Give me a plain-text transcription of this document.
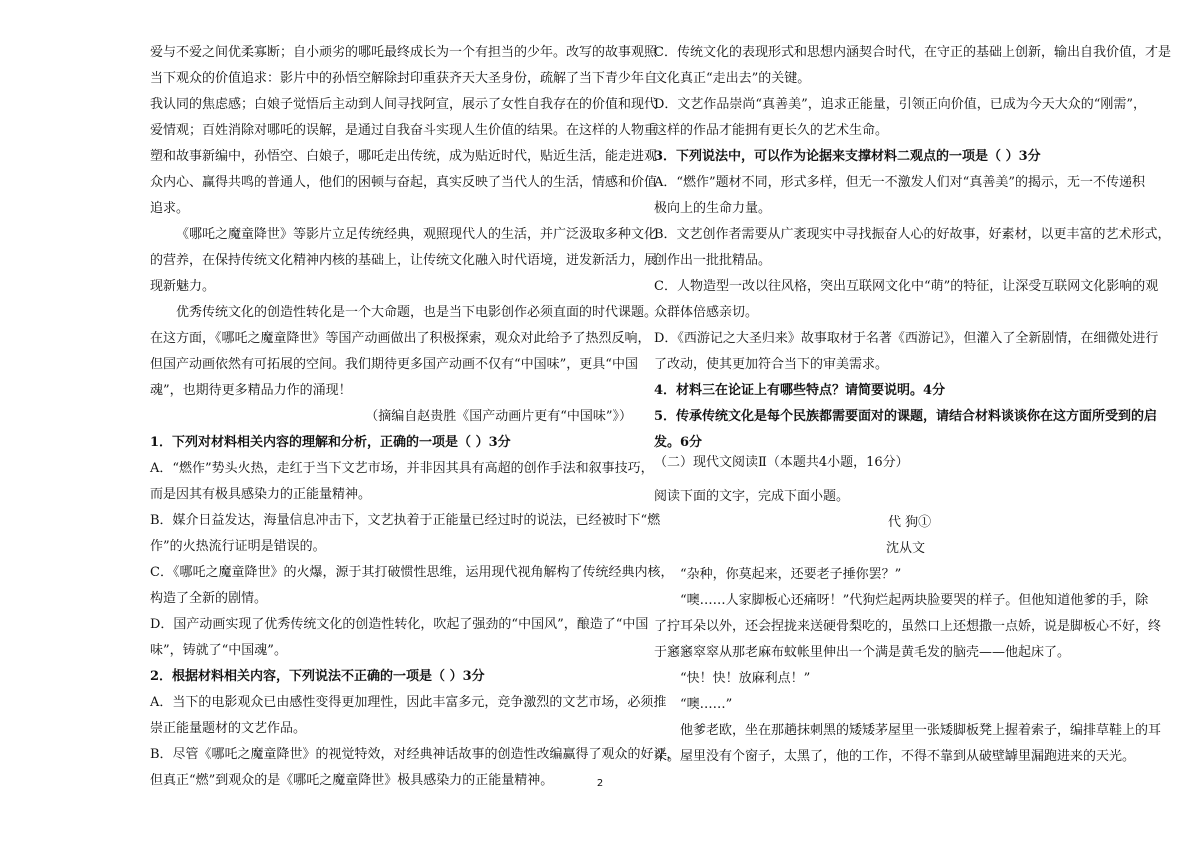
爱与不爱之间优柔寡断；自小顽劣的哪吒最终成长为一个有担当的少年。改写的故事观照
当下观众的价值追求：影片中的孙悟空解除封印重获齐天大圣身份，疏解了当下青少年自
我认同的焦虑感；白娘子觉悟后主动到人间寻找阿宣，展示了女性自我存在的价值和现代
爱情观；百姓消除对哪吒的误解，是通过自我奋斗实现人生价值的结果。在这样的人物重
塑和故事新编中，孙悟空、白娘子，哪吒走出传统，成为贴近时代，贴近生活，能走进观
众内心、赢得共鸣的普通人，他们的困顿与奋起，真实反映了当代人的生活，情感和价值
追求。
《哪吒之魔童降世》等影片立足传统经典，观照现代人的生活，并广泛汲取多种文化
的营养，在保持传统文化精神内核的基础上，让传统文化融入时代语境，迸发新活力，展
现新魅力。
优秀传统文化的创造性转化是一个大命题，也是当下电影创作必须直面的时代课题。
在这方面，《哪吒之魔童降世》等国产动画做出了积极探索，观众对此给予了热烈反响，
但国产动画依然有可拓展的空间。我们期待更多国产动画不仅有“中国味”，更具“中国
魂”，也期待更多精品力作的涌现！
（摘编自赵贵胜《国产动画片更有“中国味”》）
1．下列对材料相关内容的理解和分析，正确的一项是（ ）3分
A．“燃作”势头火热，走红于当下文艺市场，并非因其具有高超的创作手法和叙事技巧，
而是因其有极具感染力的正能量精神。
B．媒介日益发达，海量信息冲击下，文艺执着于正能量已经过时的说法，已经被时下“燃
作”的火热流行证明是错误的。
C．《哪吒之魔童降世》的火爆，源于其打破惯性思维，运用现代视角解构了传统经典内核，
构造了全新的剧情。
D．国产动画实现了优秀传统文化的创造性转化，吹起了强劲的“中国风”，酿造了“中国
味”，铸就了“中国魂”。
2．根据材料相关内容，下列说法不正确的一项是（ ）3分
A．当下的电影观众已由感性变得更加理性，因此丰富多元，竞争激烈的文艺市场，必须推
崇正能量题材的文艺作品。
B．尽管《哪吒之魔童降世》的视觉特效，对经典神话故事的创造性改编赢得了观众的好评，
但真正“燃”到观众的是《哪吒之魔童降世》极具感染力的正能量精神。
C．传统文化的表现形式和思想内涵契合时代，在守正的基础上创新，输出自我价值，才是
文化真正“走出去”的关键。
D．文艺作品崇尚“真善美”，追求正能量，引领正向价值，已成为今天大众的“刚需”，
这样的作品才能拥有更长久的艺术生命。
3．下列说法中，可以作为论据来支撑材料二观点的一项是（ ）3分
A．“燃作”题材不同，形式多样，但无一不激发人们对“真善美”的揭示，无一不传递积
极向上的生命力量。
B．文艺创作者需要从广袤现实中寻找振奋人心的好故事，好素材，以更丰富的艺术形式，
创作出一批批精品。
C．人物造型一改以往风格，突出互联网文化中“萌”的特征，让深受互联网文化影响的观
众群体倍感亲切。
D．《西游记之大圣归来》故事取材于名著《西游记》，但灌入了全新剧情，在细微处进行
了改动，使其更加符合当下的审美需求。
4．材料三在论证上有哪些特点？请简要说明。4分
5．传承传统文化是每个民族都需要面对的课题，请结合材料谈谈你在这方面所受到的启
发。6分
（二）现代文阅读Ⅱ（本题共4小题，16分）
阅读下面的文字，完成下面小题。
代 狗①
沈从文
“杂种，你莫起来，还要老子捶你罢？”
“噢……人家脚板心还痛呀！”代狗烂起两块脸要哭的样子。但他知道他爹的手，除
了拧耳朵以外，还会捏拢来送硬骨梨吃的，虽然口上还想撒一点娇，说是脚板心不好，终
于窸窸窣窣从那老麻布蚊帐里伸出一个满是黄毛发的脑壳——他起床了。
“快！快！放麻利点！”
“噢……”
他爹老欧，坐在那趟抹刺黑的矮矮茅屋里一张矮脚板凳上握着索子，编排草鞋上的耳
朵。屋里没有个窗子，太黑了，他的工作，不得不靠到从破壁罅里漏跑进来的天光。
2
